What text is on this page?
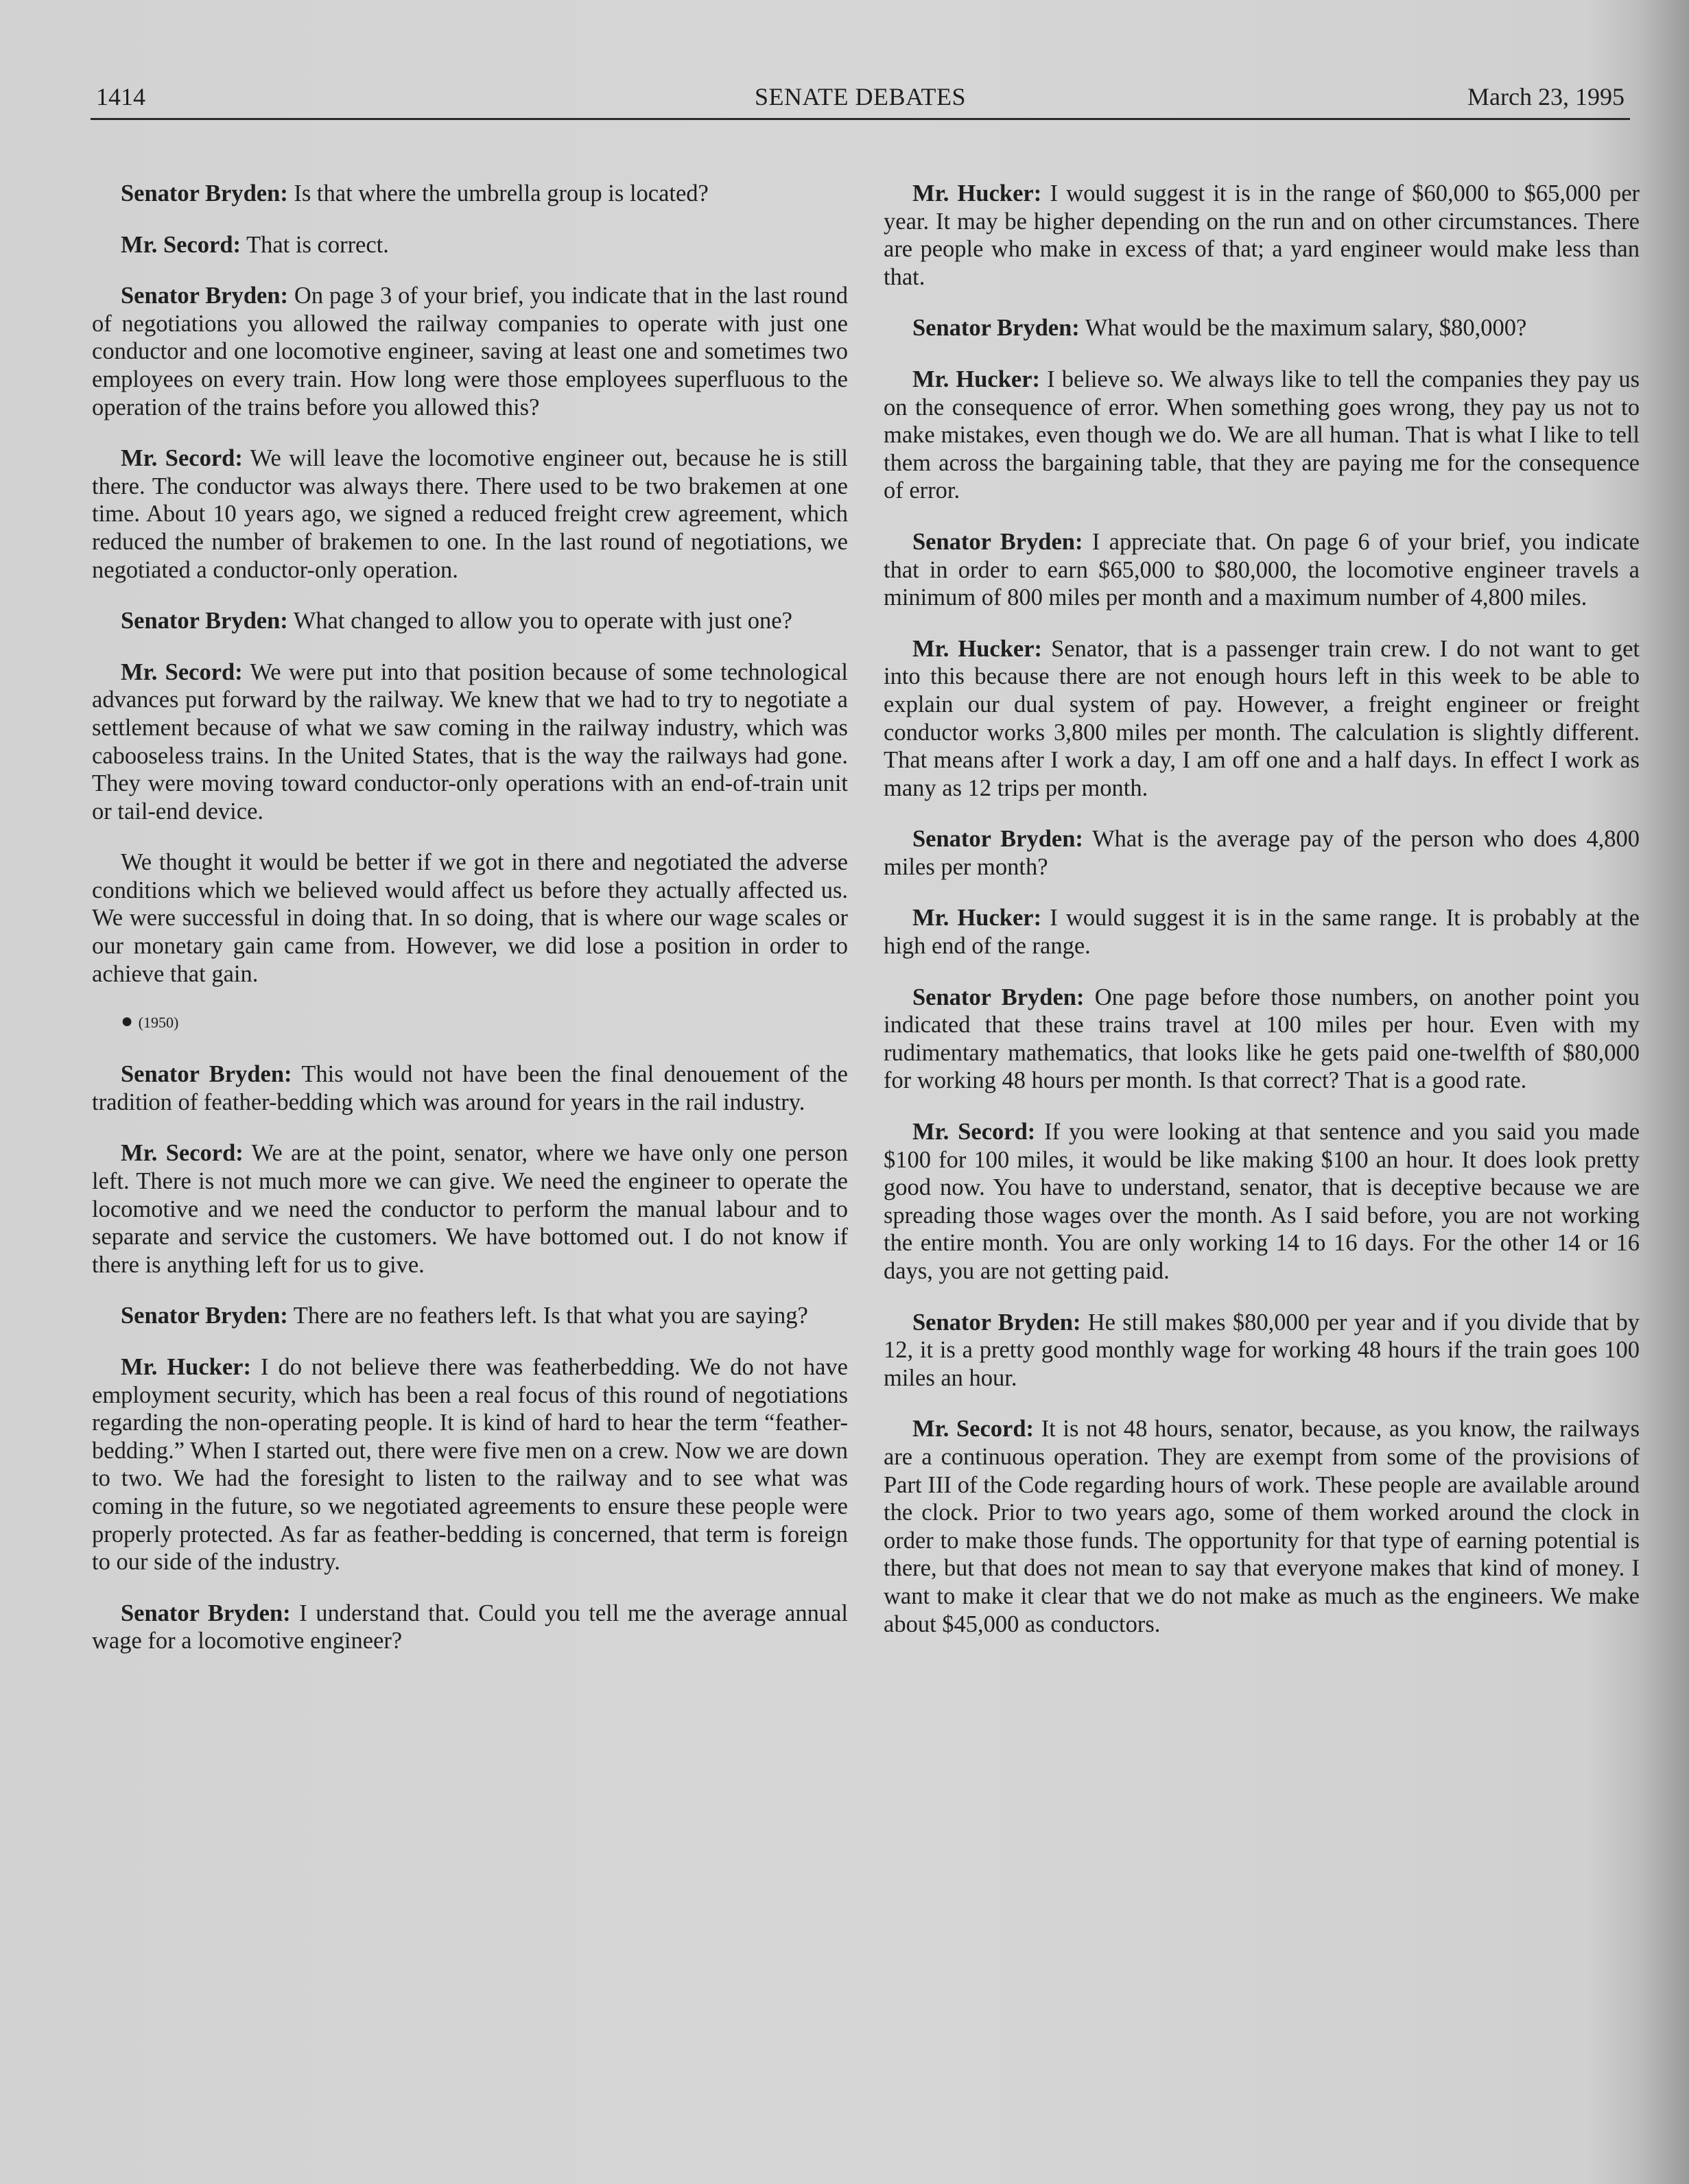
1414	SENATE DEBATES	March 23, 1995

Senator Bryden: Is that where the umbrella group is located?

Mr. Secord: That is correct.

Senator Bryden: On page 3 of your brief, you indicate that in the last round of negotiations you allowed the railway companies to operate with just one conductor and one locomotive engineer, saving at least one and sometimes two employees on every train. How long were those employees superfluous to the operation of the trains before you allowed this?

Mr. Secord: We will leave the locomotive engineer out, because he is still there. The conductor was always there. There used to be two brakemen at one time. About 10 years ago, we signed a reduced freight crew agreement, which reduced the number of brakemen to one. In the last round of negotiations, we negotiated a conductor-only operation.

Senator Bryden: What changed to allow you to operate with just one?

Mr. Secord: We were put into that position because of some technological advances put forward by the railway. We knew that we had to try to negotiate a settlement because of what we saw coming in the railway industry, which was cabooseless trains. In the United States, that is the way the railways had gone. They were moving toward conductor-only operations with an end-of-train unit or tail-end device.

We thought it would be better if we got in there and negotiated the adverse conditions which we believed would affect us before they actually affected us. We were successful in doing that. In so doing, that is where our wage scales or our monetary gain came from. However, we did lose a position in order to achieve that gain.

● (1950)

Senator Bryden: This would not have been the final denouement of the tradition of feather-bedding which was around for years in the rail industry.

Mr. Secord: We are at the point, senator, where we have only one person left. There is not much more we can give. We need the engineer to operate the locomotive and we need the conductor to perform the manual labour and to separate and service the customers. We have bottomed out. I do not know if there is anything left for us to give.

Senator Bryden: There are no feathers left. Is that what you are saying?

Mr. Hucker: I do not believe there was featherbedding. We do not have employment security, which has been a real focus of this round of negotiations regarding the non-operating people. It is kind of hard to hear the term “feather-bedding.” When I started out, there were five men on a crew. Now we are down to two. We had the foresight to listen to the railway and to see what was coming in the future, so we negotiated agreements to ensure these people were properly protected. As far as feather-bedding is concerned, that term is foreign to our side of the industry.

Senator Bryden: I understand that. Could you tell me the average annual wage for a locomotive engineer?

Mr. Hucker: I would suggest it is in the range of $60,000 to $65,000 per year. It may be higher depending on the run and on other circumstances. There are people who make in excess of that; a yard engineer would make less than that.

Senator Bryden: What would be the maximum salary, $80,000?

Mr. Hucker: I believe so. We always like to tell the companies they pay us on the consequence of error. When something goes wrong, they pay us not to make mistakes, even though we do. We are all human. That is what I like to tell them across the bargaining table, that they are paying me for the consequence of error.

Senator Bryden: I appreciate that. On page 6 of your brief, you indicate that in order to earn $65,000 to $80,000, the locomotive engineer travels a minimum of 800 miles per month and a maximum number of 4,800 miles.

Mr. Hucker: Senator, that is a passenger train crew. I do not want to get into this because there are not enough hours left in this week to be able to explain our dual system of pay. However, a freight engineer or freight conductor works 3,800 miles per month. The calculation is slightly different. That means after I work a day, I am off one and a half days. In effect I work as many as 12 trips per month.

Senator Bryden: What is the average pay of the person who does 4,800 miles per month?

Mr. Hucker: I would suggest it is in the same range. It is probably at the high end of the range.

Senator Bryden: One page before those numbers, on another point you indicated that these trains travel at 100 miles per hour. Even with my rudimentary mathematics, that looks like he gets paid one-twelfth of $80,000 for working 48 hours per month. Is that correct? That is a good rate.

Mr. Secord: If you were looking at that sentence and you said you made $100 for 100 miles, it would be like making $100 an hour. It does look pretty good now. You have to understand, senator, that is deceptive because we are spreading those wages over the month. As I said before, you are not working the entire month. You are only working 14 to 16 days. For the other 14 or 16 days, you are not getting paid.

Senator Bryden: He still makes $80,000 per year and if you divide that by 12, it is a pretty good monthly wage for working 48 hours if the train goes 100 miles an hour.

Mr. Secord: It is not 48 hours, senator, because, as you know, the railways are a continuous operation. They are exempt from some of the provisions of Part III of the Code regarding hours of work. These people are available around the clock. Prior to two years ago, some of them worked around the clock in order to make those funds. The opportunity for that type of earning potential is there, but that does not mean to say that everyone makes that kind of money. I want to make it clear that we do not make as much as the engineers. We make about $45,000 as conductors.
